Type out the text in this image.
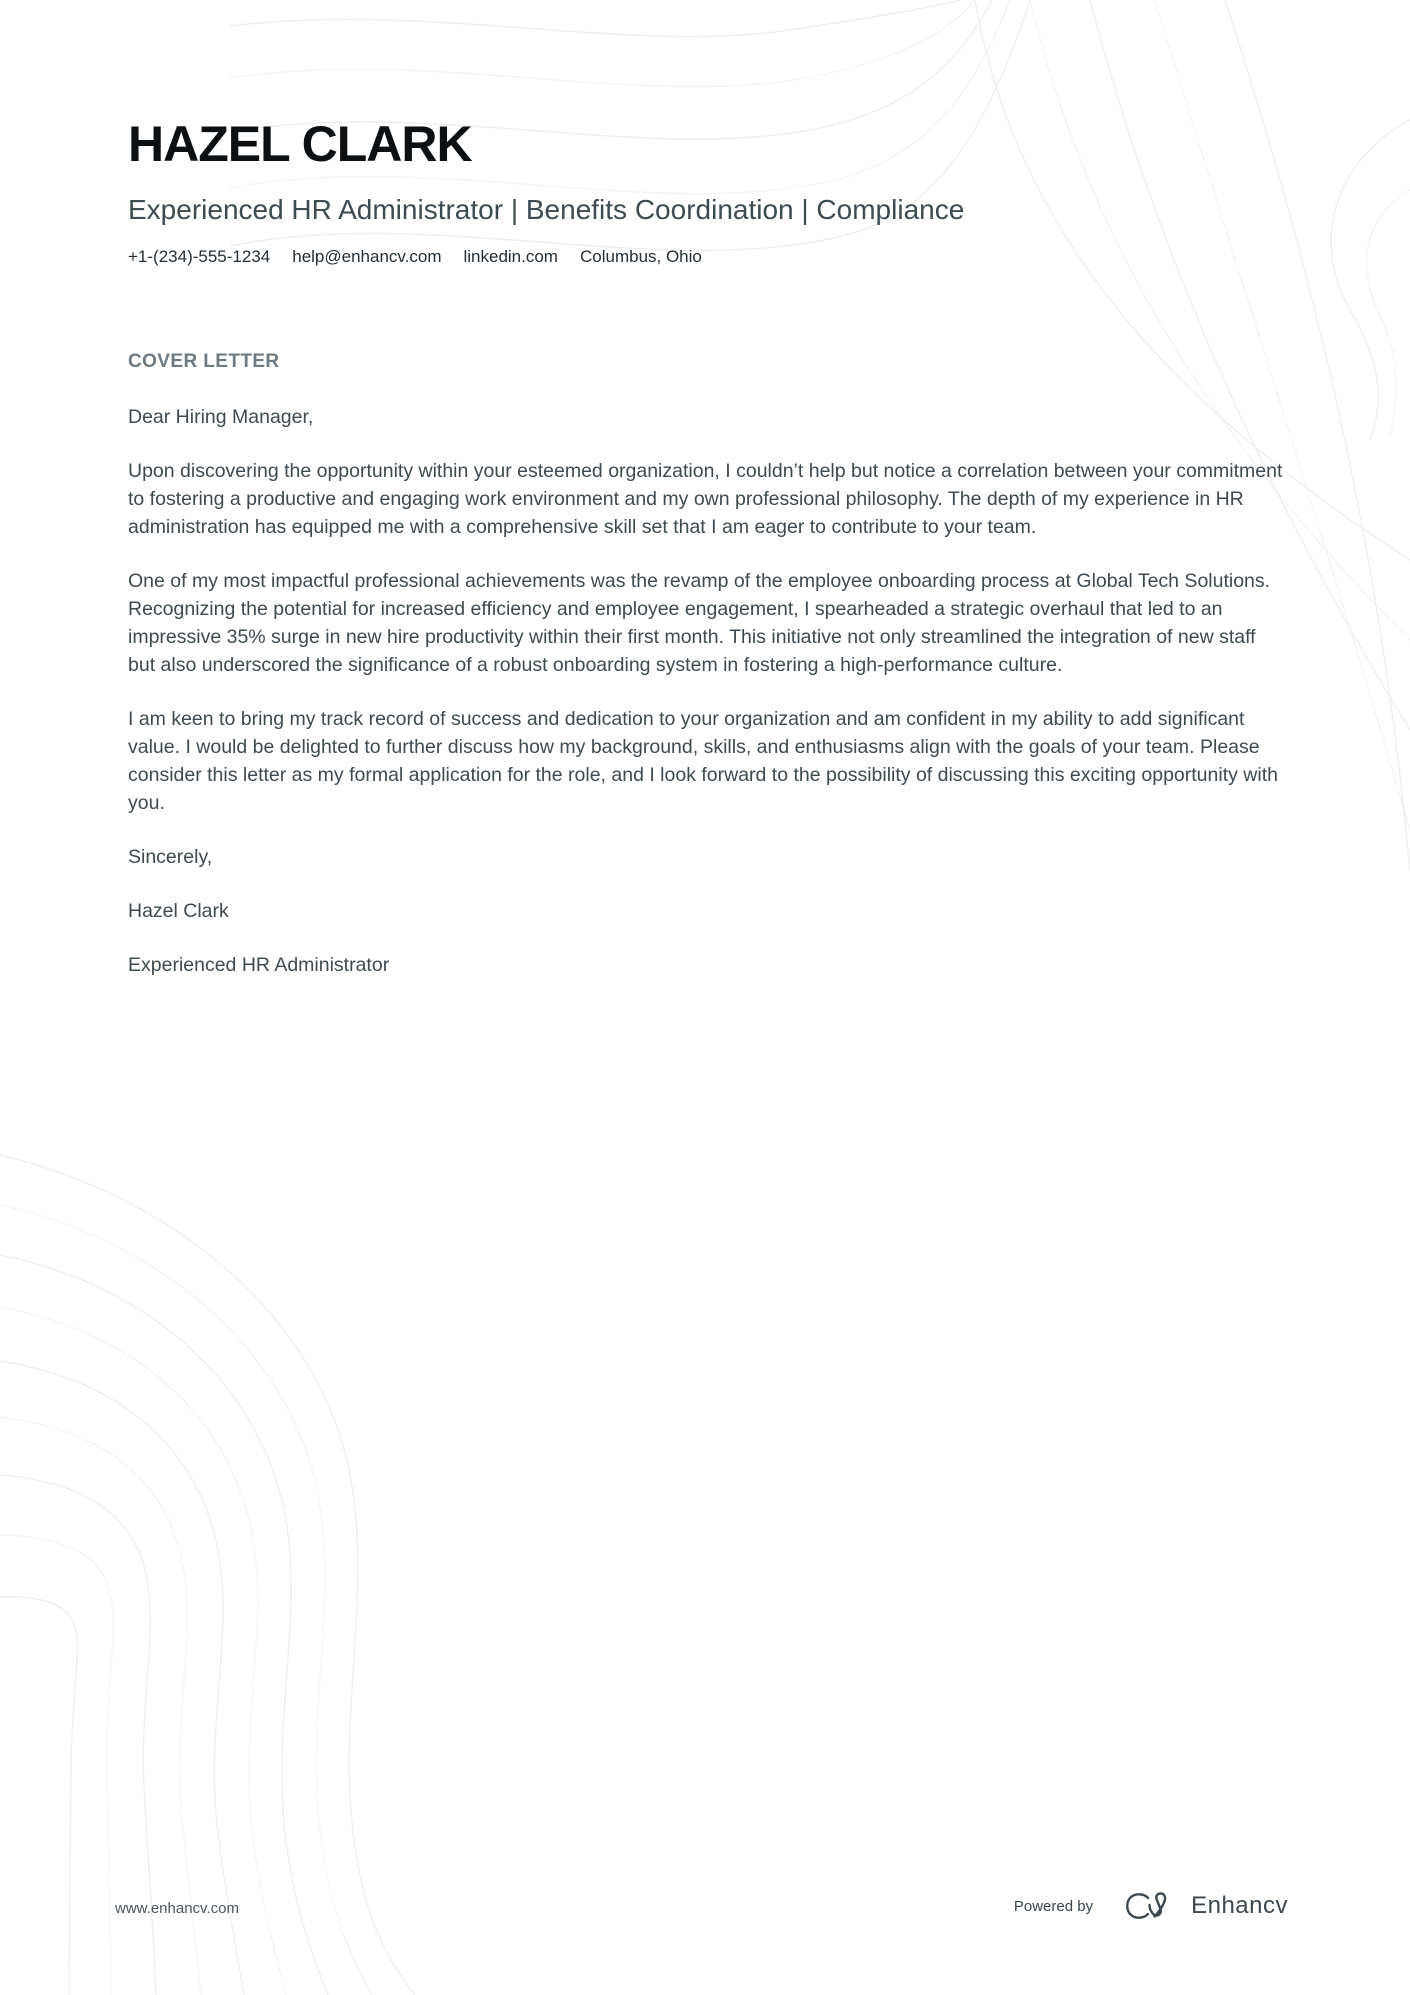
HAZEL CLARK
Experienced HR Administrator | Benefits Coordination | Compliance
+1-(234)-555-1234 help@enhancv.com linkedin.com Columbus, Ohio
COVER LETTER

Dear Hiring Manager,

Upon discovering the opportunity within your esteemed organization, I couldn’t help but notice a correlation between your commitment to fostering a productive and engaging work environment and my own professional philosophy. The depth of my experience in HR administration has equipped me with a comprehensive skill set that I am eager to contribute to your team.

One of my most impactful professional achievements was the revamp of the employee onboarding process at Global Tech Solutions. Recognizing the potential for increased efficiency and employee engagement, I spearheaded a strategic overhaul that led to an impressive 35% surge in new hire productivity within their first month. This initiative not only streamlined the integration of new staff but also underscored the significance of a robust onboarding system in fostering a high-performance culture.

I am keen to bring my track record of success and dedication to your organization and am confident in my ability to add significant value. I would be delighted to further discuss how my background, skills, and enthusiasms align with the goals of your team. Please consider this letter as my formal application for the role, and I look forward to the possibility of discussing this exciting opportunity with you.

Sincerely,

Hazel Clark

Experienced HR Administrator

www.enhancv.com	Powered by	Enhancv
